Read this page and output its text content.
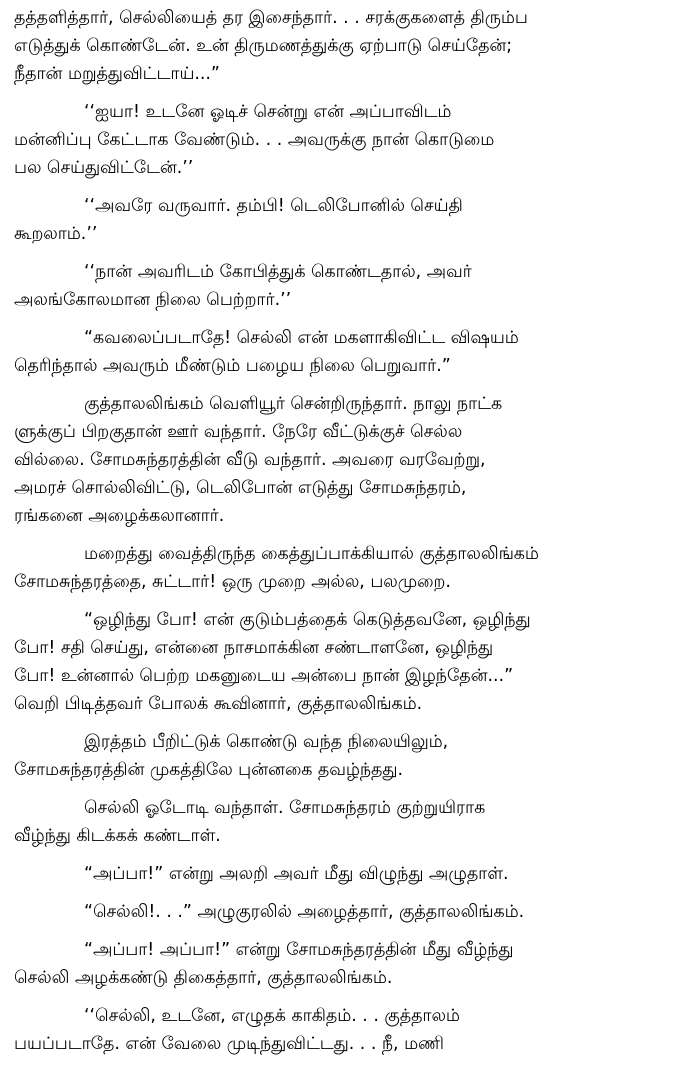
தத்தளித்தார், செல்லியைத் தர இசைந்தார். . . சரக்குகளைத் திரும்ப
எடுத்துக் கொண்டேன். உன் திருமணத்துக்கு ஏற்பாடு செய்தேன்;
நீதான் மறுத்துவிட்டாய்...”
‘‘ஐயா! உடனே ஓடிச் சென்று என் அப்பாவிடம்
மன்னிப்பு கேட்டாக வேண்டும். . . அவருக்கு நான் கொடுமை
பல செய்துவிட்டேன்.’’
‘‘அவரே வருவார். தம்பி! டெலிபோனில் செய்தி
கூறலாம்.’’
‘‘நான் அவரிடம் கோபித்துக் கொண்டதால், அவர்
அலங்கோலமான நிலை பெற்றார்.’’
“கவலைப்படாதே! செல்லி என் மகளாகிவிட்ட விஷயம்
தெரிந்தால் அவரும் மீண்டும் பழைய நிலை பெறுவார்.”
குத்தாலலிங்கம் வெளியூர் சென்றிருந்தார். நாலு நாட்க
ளுக்குப் பிறகுதான் ஊர் வந்தார். நேரே வீட்டுக்குச் செல்ல
வில்லை. சோமசுந்தரத்தின் வீடு வந்தார். அவரை வரவேற்று,
அமரச் சொல்லிவிட்டு, டெலிபோன் எடுத்து சோமசுந்தரம்,
ரங்கனை அழைக்கலானார்.
மறைத்து வைத்திருந்த கைத்துப்பாக்கியால் குத்தாலலிங்கம்
சோமசுந்தரத்தை, சுட்டார்! ஒரு முறை அல்ல, பலமுறை.
“ஒழிந்து போ! என் குடும்பத்தைக் கெடுத்தவனே, ஒழிந்து
போ! சதி செய்து, என்னை நாசமாக்கின சண்டாளனே, ஒழிந்து
போ! உன்னால் பெற்ற மகனுடைய அன்பை நான் இழந்தேன்...”
வெறி பிடித்தவர் போலக் கூவினார், குத்தாலலிங்கம்.
இரத்தம் பீறிட்டுக் கொண்டு வந்த நிலையிலும்,
சோமசுந்தரத்தின் முகத்திலே புன்னகை தவழ்ந்தது.
செல்லி ஓடோடி வந்தாள். சோமசுந்தரம் குற்றுயிராக
வீழ்ந்து கிடக்கக் கண்டாள்.
“அப்பா!” என்று அலறி அவர் மீது விழுந்து அழுதாள்.
“செல்லி!. . .” அழுகுரலில் அழைத்தார், குத்தாலலிங்கம்.
“அப்பா! அப்பா!” என்று சோமசுந்தரத்தின் மீது வீழ்ந்து
செல்லி அழக்கண்டு திகைத்தார், குத்தாலலிங்கம்.
‘‘செல்லி, உடனே, எழுதக் காகிதம். . . குத்தாலம்
பயப்படாதே. என் வேலை முடிந்துவிட்டது. . . நீ, மணி
